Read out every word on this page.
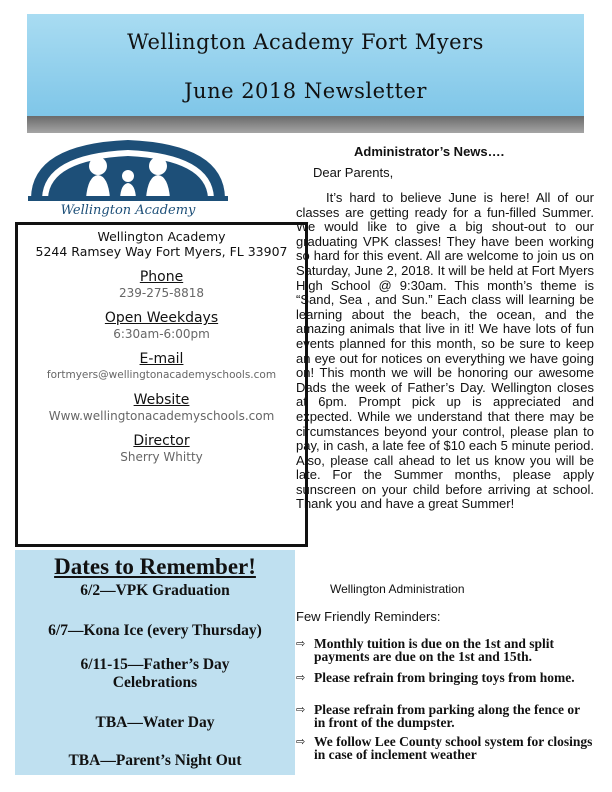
Wellington Academy Fort Myers
June 2018 Newsletter
Wellington Academy
Wellington Academy
5244 Ramsey Way Fort Myers, FL 33907
Phone
239-275-8818
Open Weekdays
6:30am-6:00pm
E-mail
fortmyers@wellingtonacademyschools.com
Website
Www.wellingtonacademyschools.com
Director
Sherry Whitty
Dates to Remember!
6/2—VPK Graduation
6/7—Kona Ice (every Thursday)
6/11-15—Father’s Day Celebrations
TBA—Water Day
TBA—Parent’s Night Out
Administrator’s News….
Dear Parents,
It’s hard to believe June is here! All of our classes are getting ready for a fun-filled Summer. We would like to give a big shout-out to our graduating VPK classes! They have been working so hard for this event. All are welcome to join us on Saturday, June 2, 2018. It will be held at Fort Myers High School @ 9:30am. This month’s theme is “Sand, Sea , and Sun.” Each class will learning be learning about the beach, the ocean, and the amazing animals that live in it! We have lots of fun events planned for this month, so be sure to keep an eye out for notices on everything we have going on! This month we will be honoring our awesome Dads the week of Father’s Day. Wellington closes at 6pm. Prompt pick up is appreciated and expected. While we understand that there may be circumstances beyond your control, please plan to pay, in cash, a late fee of $10 each 5 minute period. Also, please call ahead to let us know you will be late. For the Summer months, please apply sunscreen on your child before arriving at school. Thank you and have a great Summer!
Wellington Administration
Few Friendly Reminders:
⇨ Monthly tuition is due on the 1st and split payments are due on the 1st and 15th.
⇨ Please refrain from bringing toys from home.
⇨ Please refrain from parking along the fence or in front of the dumpster.
⇨ We follow Lee County school system for closings in case of inclement weather
